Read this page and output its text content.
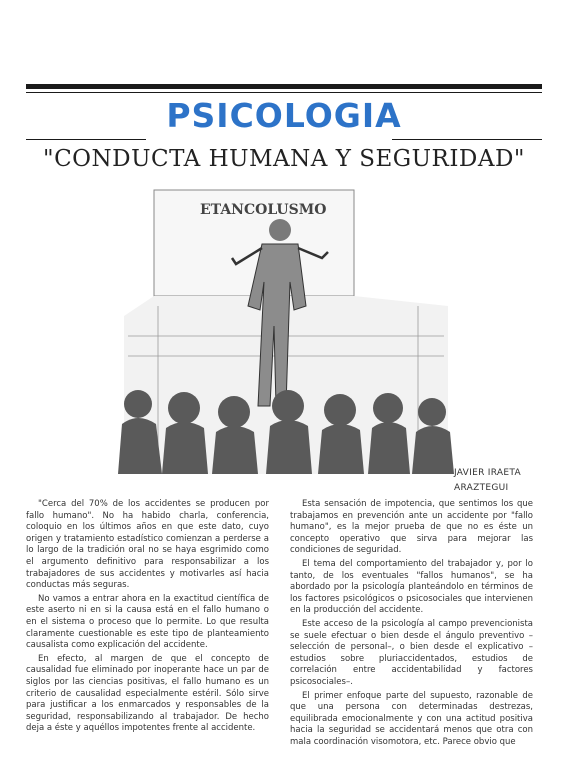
PSICOLOGIA
"CONDUCTA HUMANA Y SEGURIDAD"
ETANCOLUSMO
JAVIER IRAETA
ARAZTEGUI

"Cerca del 70% de los accidentes se producen por fallo humano". No ha habido charla, conferencia, coloquio en los últimos años en que este dato, cuyo origen y tratamiento estadístico comienzan a perderse a lo largo de la tradición oral no se haya esgrimido como el argumento definitivo para responsabilizar a los trabajadores de sus accidentes y motivarles así hacia conductas más seguras.

No vamos a entrar ahora en la exactitud científica de este aserto ni en si la causa está en el fallo humano o en el sistema o proceso que lo permite. Lo que resulta claramente cuestionable es este tipo de planteamiento causalista como explicación del accidente.

En efecto, al margen de que el concepto de causalidad fue eliminado por inoperante hace un par de siglos por las ciencias positivas, el fallo humano es un criterio de causalidad especialmente estéril. Sólo sirve para justificar a los enmarcados y responsables de la seguridad, responsabilizando al trabajador. De hecho deja a éste y aquéllos impotentes frente al accidente.

Esta sensación de impotencia, que sentimos los que trabajamos en prevención ante un accidente por "fallo humano", es la mejor prueba de que no es éste un concepto operativo que sirva para mejorar las condiciones de seguridad.

El tema del comportamiento del trabajador y, por lo tanto, de los eventuales "fallos humanos", se ha abordado por la psicología planteándolo en términos de los factores psicológicos o psicosociales que intervienen en la producción del accidente.

Este acceso de la psicología al campo prevencionista se suele efectuar o bien desde el ángulo preventivo –selección de personal–, o bien desde el explicativo –estudios sobre pluriaccidentados, estudios de correlación entre accidentabilidad y factores psicosociales–.

El primer enfoque parte del supuesto, razonable de que una persona con determinadas destrezas, equilibrada emocionalmente y con una actitud positiva hacia la seguridad se accidentará menos que otra con mala coordinación visomotora, etc. Parece obvio que
